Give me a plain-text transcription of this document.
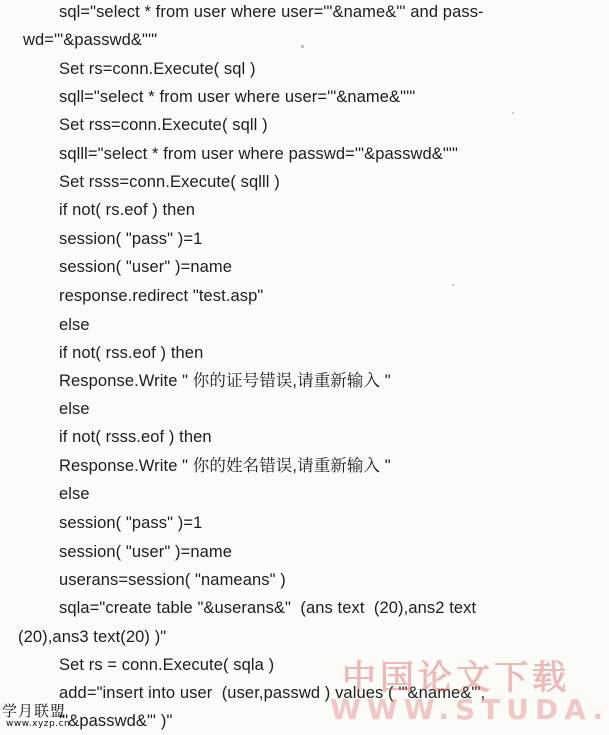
sql="select * from user where user='"&name&"' and pass-
wd='"&passwd&"'"
Set rs=conn.Execute( sql )
sqll="select * from user where user='"&name&"'"
Set rss=conn.Execute( sqll )
sqlll="select * from user where passwd='"&passwd&"'"
Set rsss=conn.Execute( sqlll )
if not( rs.eof ) then
session( "pass" )=1
session( "user" )=name
response.redirect "test.asp"
else
if not( rss.eof ) then
Response.Write " 你的证号错误,请重新输入 "
else
if not( rsss.eof ) then
Response.Write " 你的姓名错误,请重新输入 "
else
session( "pass" )=1
session( "user" )=name
userans=session( "nameans" )
sqla="create table "&userans&"  (ans text  (20),ans2 text
(20),ans3 text(20) )"
Set rs = conn.Execute( sqla )
add="insert into user  (user,passwd ) values ( '"&name&"',
'"&passwd&"' )"
中国论文下载
WWW.STUDA.
学月联盟
www.xyzp.cn
